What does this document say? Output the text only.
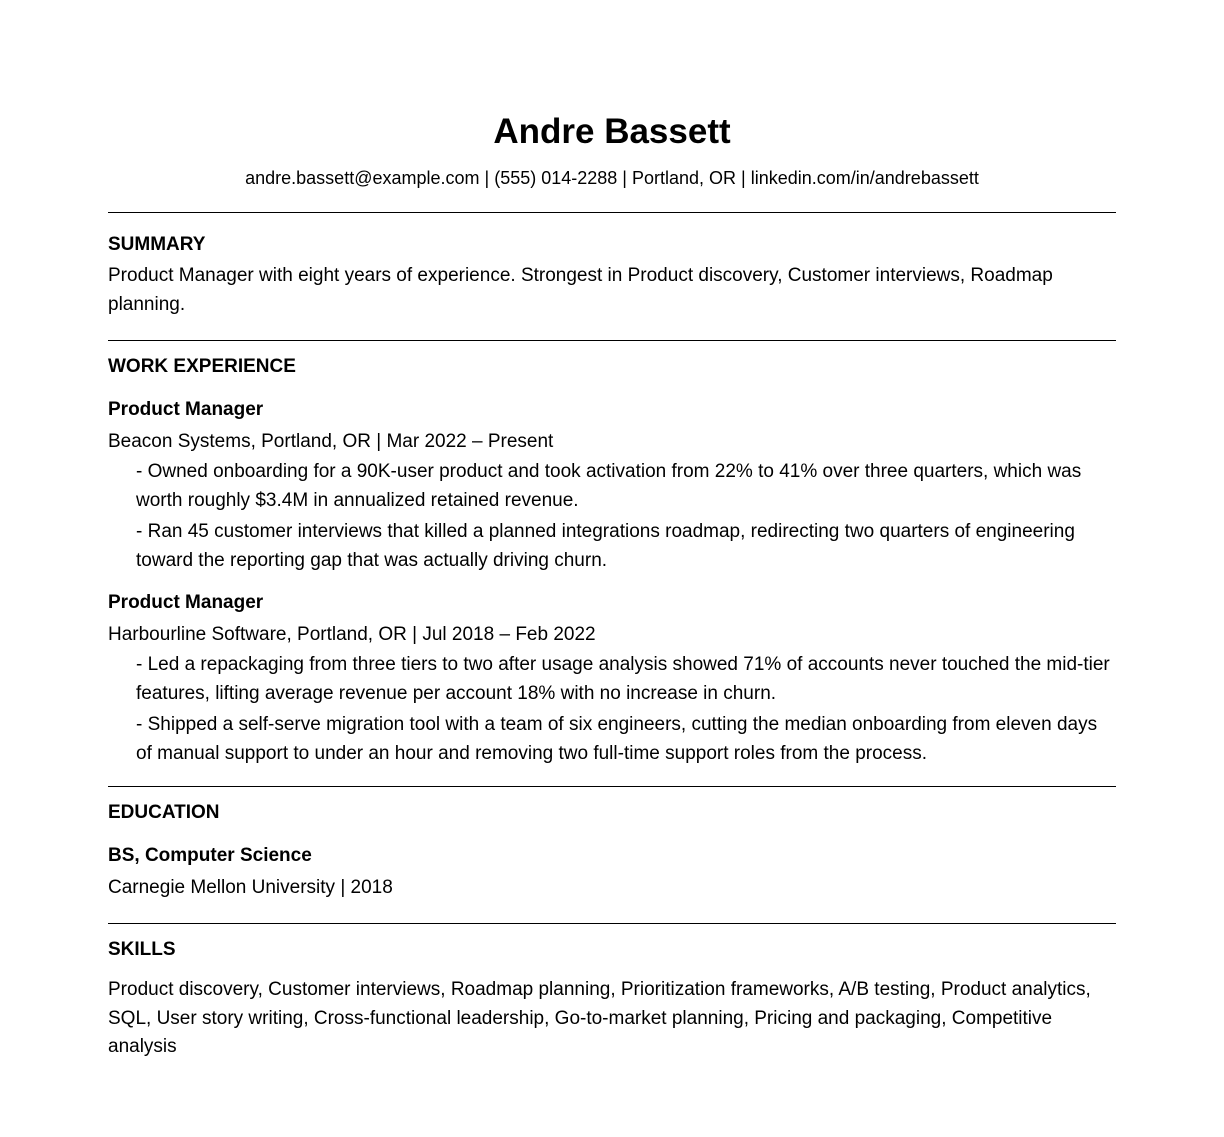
Andre Bassett
andre.bassett@example.com | (555) 014-2288 | Portland, OR | linkedin.com/in/andrebassett
SUMMARY
Product Manager with eight years of experience. Strongest in Product discovery, Customer interviews, Roadmap planning.
WORK EXPERIENCE
Product Manager
Beacon Systems, Portland, OR | Mar 2022 – Present
- Owned onboarding for a 90K-user product and took activation from 22% to 41% over three quarters, which was worth roughly $3.4M in annualized retained revenue.
- Ran 45 customer interviews that killed a planned integrations roadmap, redirecting two quarters of engineering toward the reporting gap that was actually driving churn.
Product Manager
Harbourline Software, Portland, OR | Jul 2018 – Feb 2022
- Led a repackaging from three tiers to two after usage analysis showed 71% of accounts never touched the mid-tier features, lifting average revenue per account 18% with no increase in churn.
- Shipped a self-serve migration tool with a team of six engineers, cutting the median onboarding from eleven days of manual support to under an hour and removing two full-time support roles from the process.
EDUCATION
BS, Computer Science
Carnegie Mellon University | 2018
SKILLS
Product discovery, Customer interviews, Roadmap planning, Prioritization frameworks, A/B testing, Product analytics, SQL, User story writing, Cross-functional leadership, Go-to-market planning, Pricing and packaging, Competitive analysis
